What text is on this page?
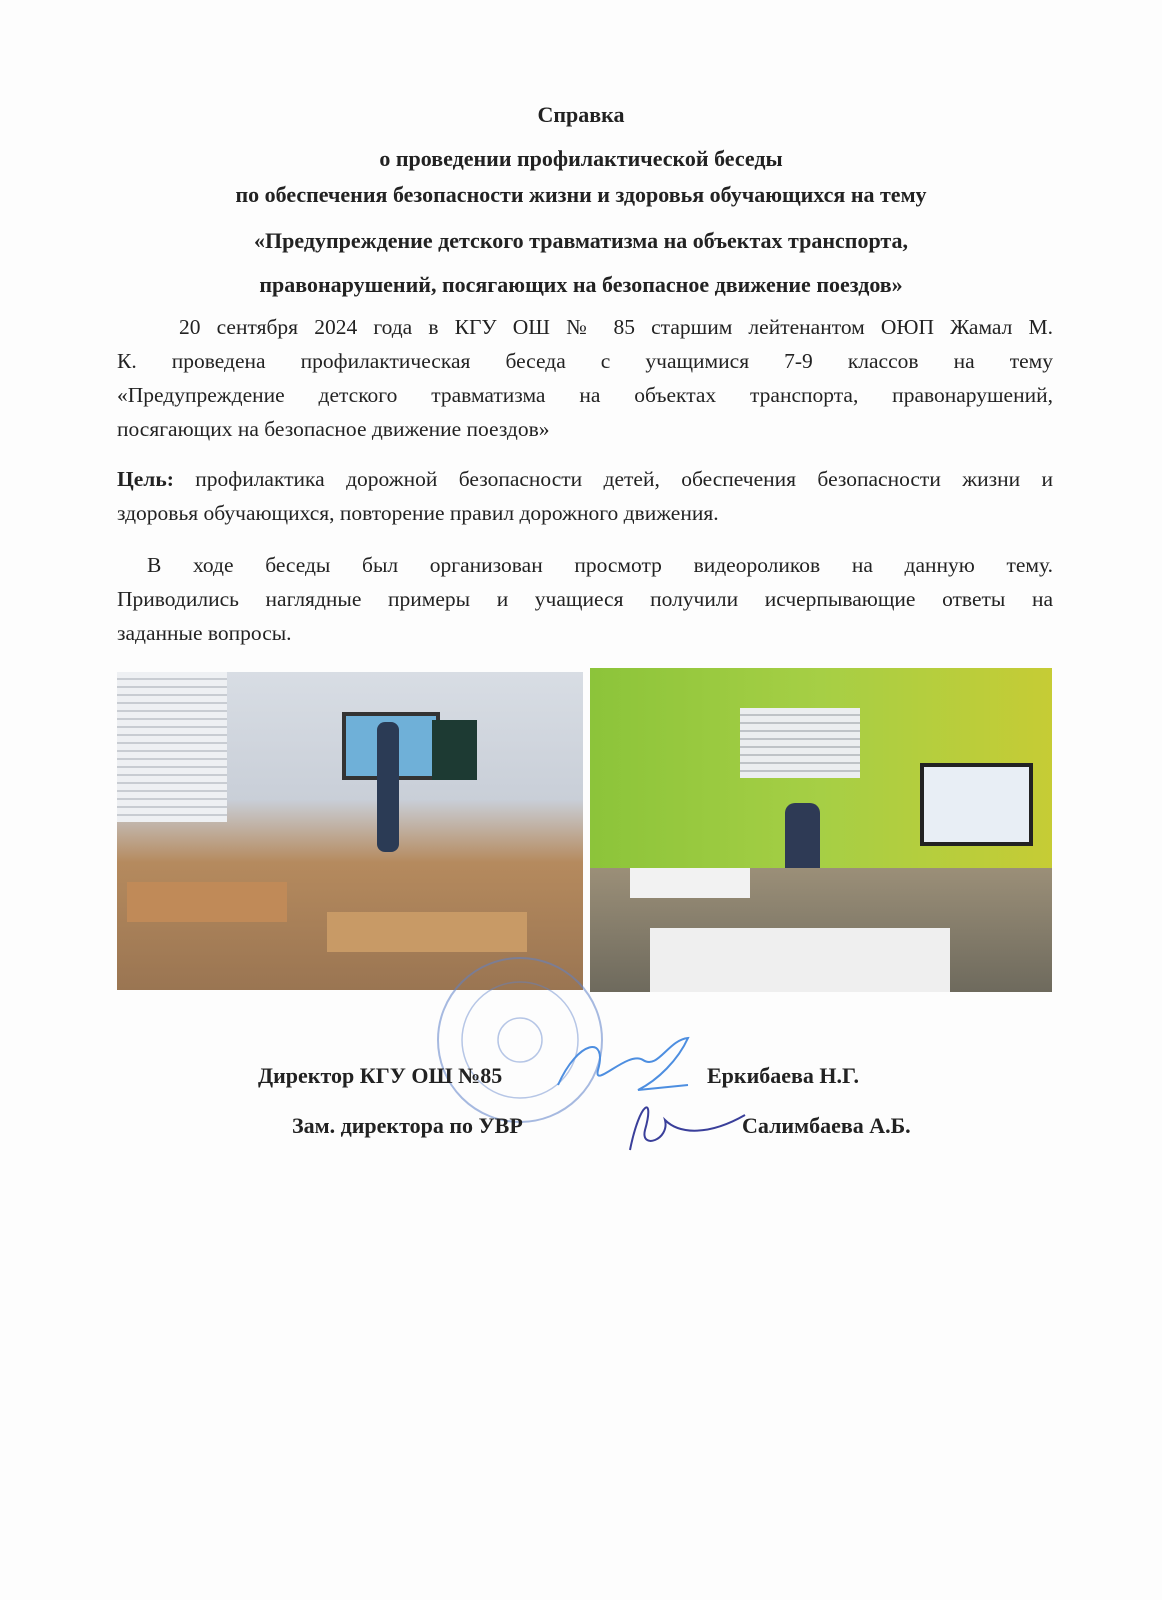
Справка
о проведении профилактической беседы
по обеспечения безопасности жизни и здоровья обучающихся на тему
«Предупреждение детского травматизма на объектах транспорта,
правонарушений, посягающих на безопасное движение поездов»
20 сентября 2024 года в КГУ ОШ № 85 старшим лейтенантом ОЮП Жамал М.
К. проведена профилактическая беседа с учащимися 7-9 классов на тему
«Предупреждение детского травматизма на объектах транспорта, правонарушений,
посягающих на безопасное движение поездов»
Цель: профилактика дорожной безопасности детей, обеспечения безопасности жизни и
здоровья обучающихся, повторение правил дорожного движения.
В ходе беседы был организован просмотр видеороликов на данную тему.
Приводились наглядные примеры и учащиеся получили исчерпывающие ответы на
заданные вопросы.
Директор КГУ ОШ №85	Еркибаева Н.Г.
Зам. директора по УВР	Салимбаева А.Б.
